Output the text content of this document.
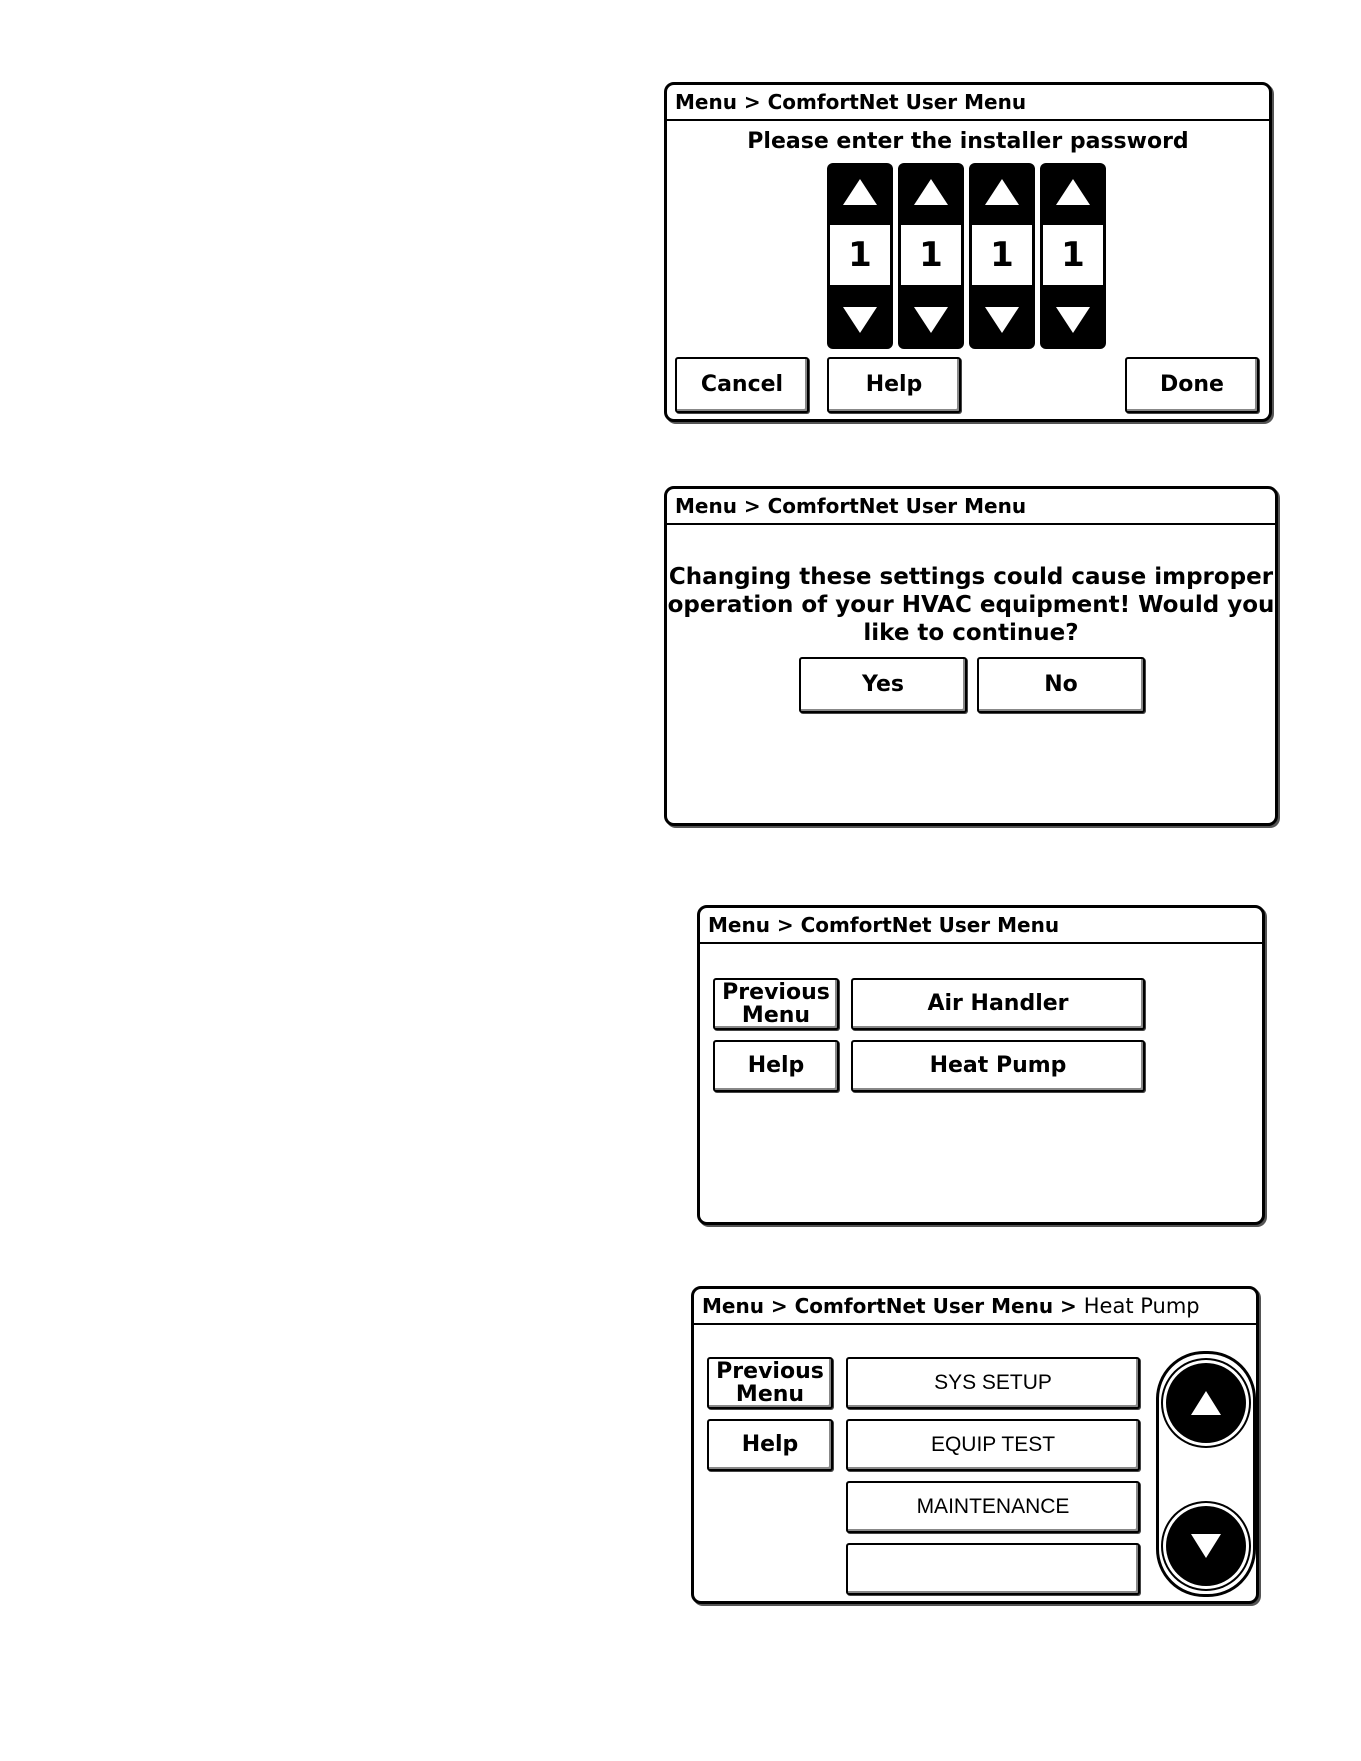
Menu > ComfortNet User Menu
Please enter the installer password
1	1	1	1
Cancel	Help	Done
Menu > ComfortNet User Menu
Changing these settings could cause improper
operation of your HVAC equipment! Would you
like to continue?
Yes	No
Menu > ComfortNet User Menu
Previous
Menu
Help
Air Handler
Heat Pump
Menu > ComfortNet User Menu > Heat Pump
Previous
Menu
Help
SYS SETUP
EQUIP TEST
MAINTENANCE
